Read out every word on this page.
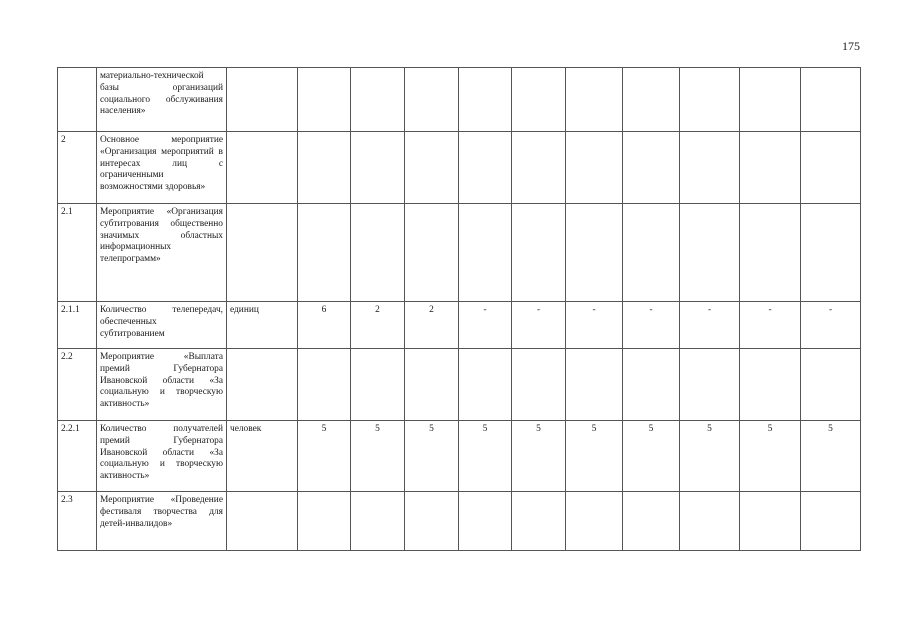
175
	материально-технической базы организаций социального обслуживания населения»											
2	Основное мероприятие «Организация мероприятий в интересах лиц с ограниченными возможностями здоровья»											
2.1	Мероприятие «Организация субтитрования общественно значимых областных информационных телепрограмм»											
2.1.1	Количество телепередач, обеспеченных субтитрованием	единиц	6	2	2	-	-	-	-	-	-	-
2.2	Мероприятие «Выплата премий Губернатора Ивановской области «За социальную и творческую активность»											
2.2.1	Количество получателей премий Губернатора Ивановской области «За социальную и творческую активность»	человек	5	5	5	5	5	5	5	5	5	5
2.3	Мероприятие «Проведение фестиваля творчества для детей-инвалидов»											
